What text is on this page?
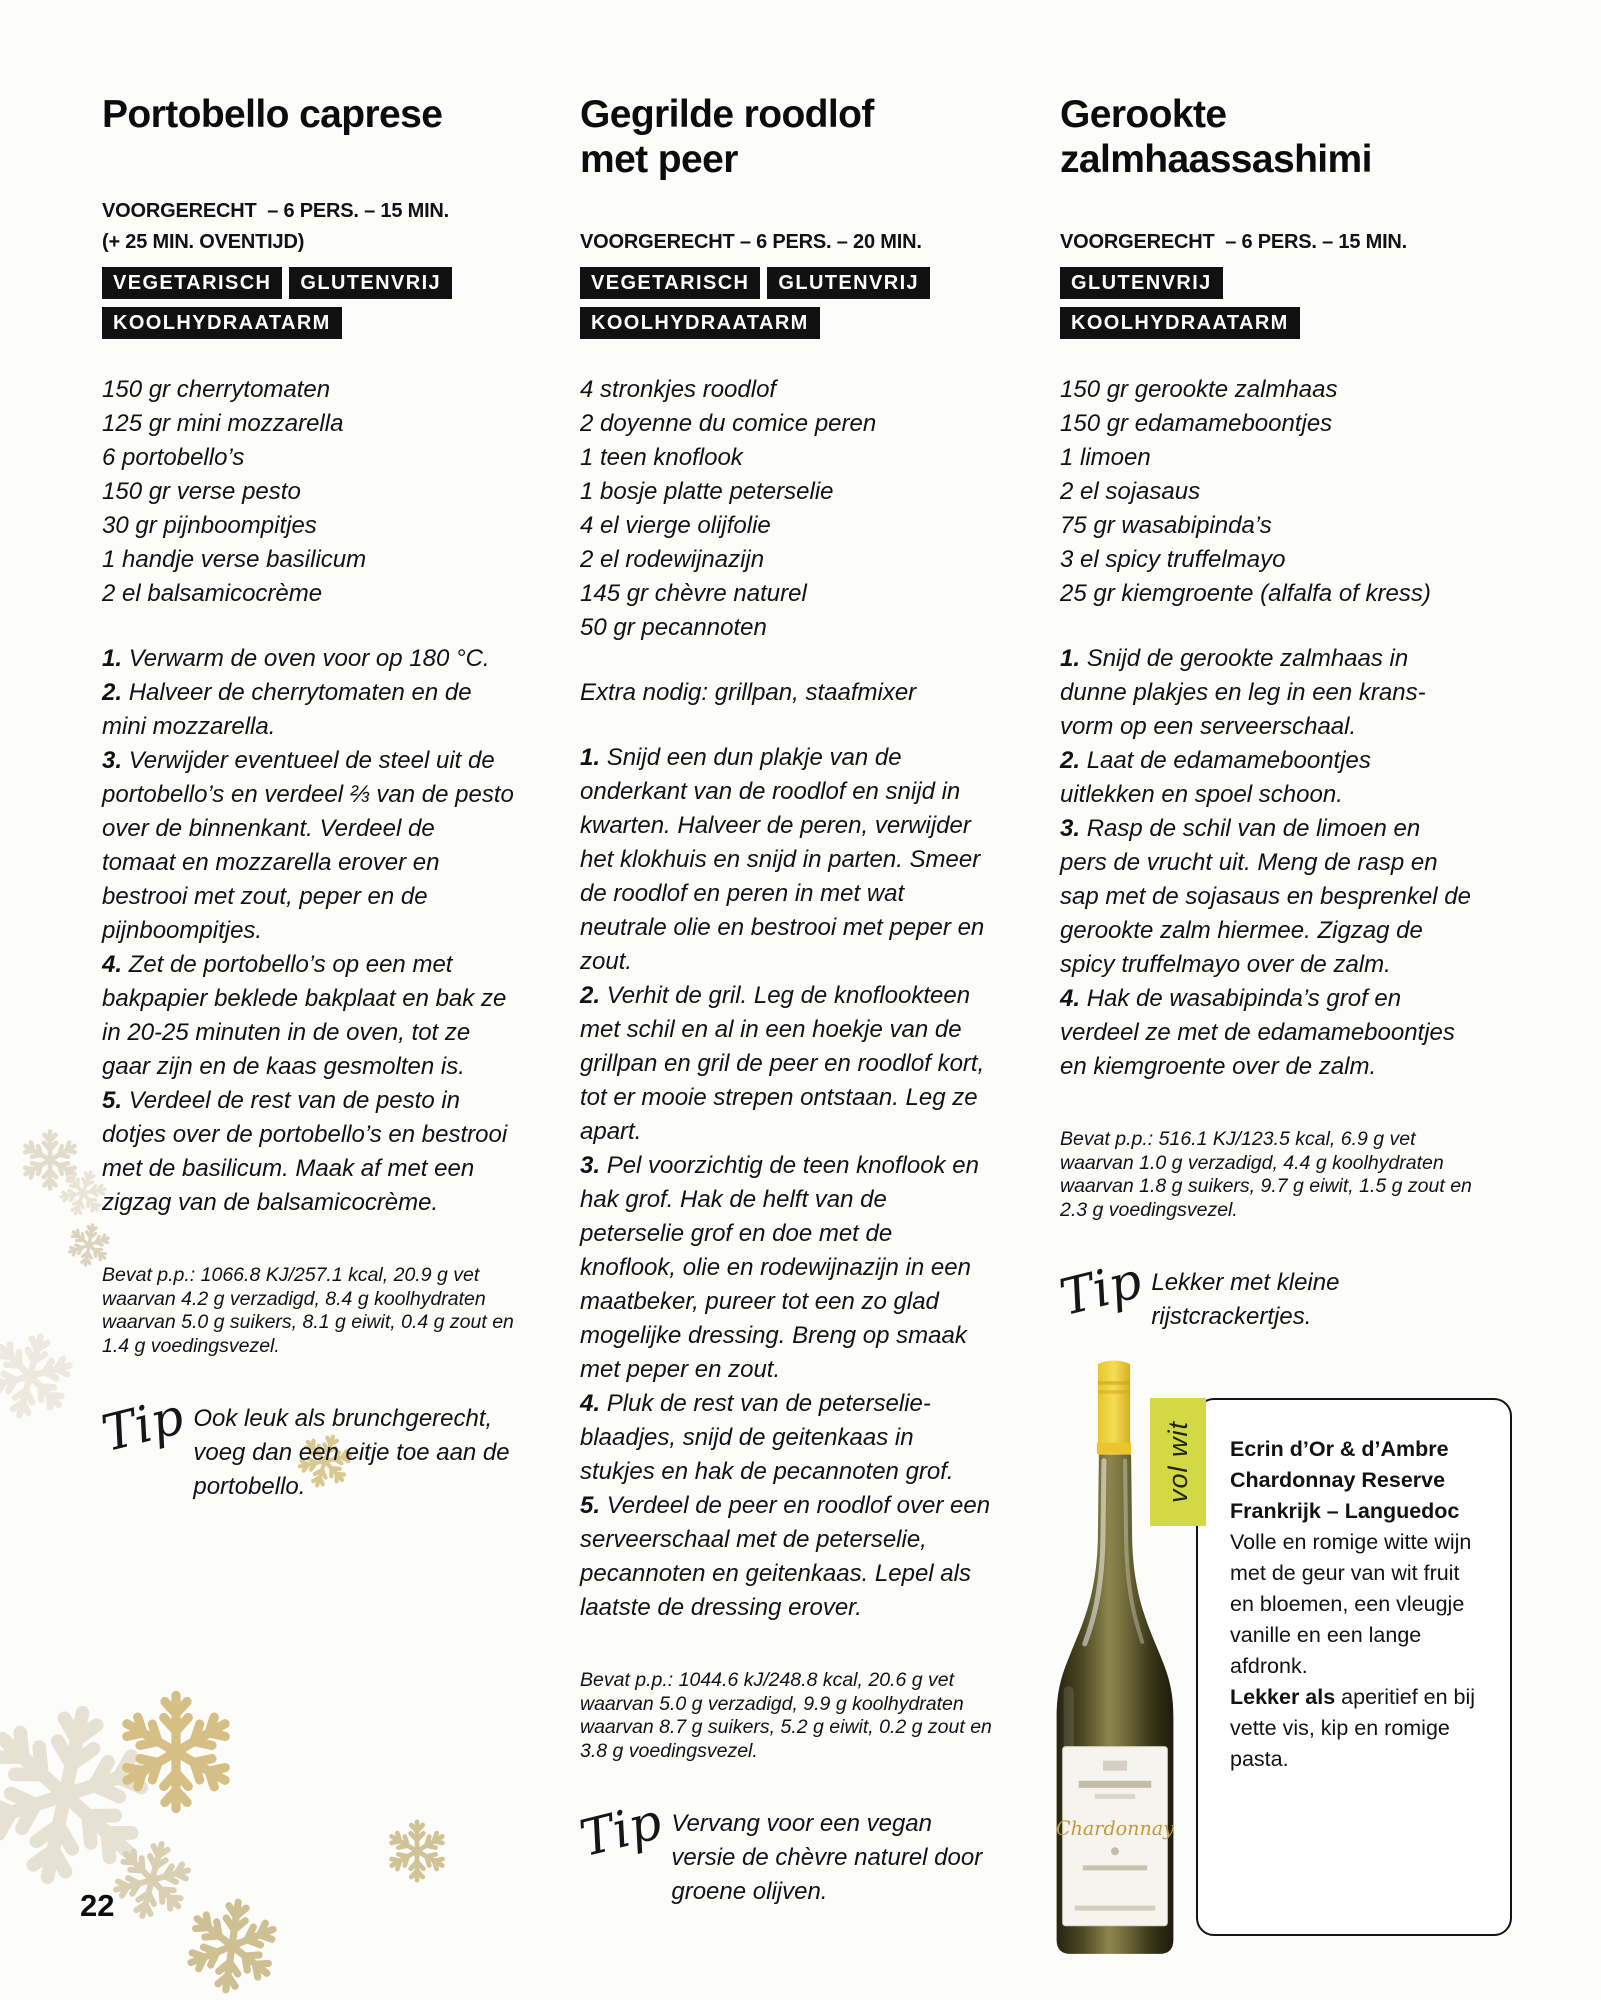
Portobello caprese

VOORGERECHT  – 6 PERS. – 15 MIN.
(+ 25 MIN. OVENTIJD)

VEGETARISCH GLUTENVRIJKOOLHYDRAATARM
150 gr cherrytomaten
125 gr mini mozzarella
6 portobello’s
150 gr verse pesto
30 gr pijnboompitjes
1 handje verse basilicum
2 el balsamicocrème

1. Verwarm de oven voor op 180 °C.

2. Halveer de cherrytomaten en de mini mozzarella.

3. Verwijder eventueel de steel uit de portobello’s en verdeel ⅔ van de pesto over de binnenkant. Verdeel de tomaat en mozzarella erover en bestrooi met zout, peper en de pijnboompitjes.

4. Zet de portobello’s op een met bakpapier beklede bakplaat en bak ze in 20-25 minuten in de oven, tot ze gaar zijn en de kaas gesmolten is.

5. Verdeel de rest van de pesto in dotjes over de portobello’s en bestrooi met de basilicum. Maak af met een zigzag van de balsamicocrème.

Bevat p.p.: 1066.8 KJ/257.1 kcal, 20.9 g vet waarvan 4.2 g verzadigd, 8.4 g koolhydraten waarvan 5.0 g suikers, 8.1 g eiwit, 0.4 g zout en 1.4 g voedingsvezel.

Tip Ook leuk als brunchgerecht, voeg dan een eitje toe aan de portobello.

Gegrilde roodlof
met peer

VOORGERECHT – 6 PERS. – 20 MIN.

VEGETARISCH GLUTENVRIJKOOLHYDRAATARM
4 stronkjes roodlof
2 doyenne du comice peren
1 teen knoflook
1 bosje platte peterselie
4 el vierge olijfolie
2 el rodewijnazijn
145 gr chèvre naturel
50 gr pecannoten

Extra nodig: grillpan, staafmixer

1. Snijd een dun plakje van de onderkant van de roodlof en snijd in kwarten. Halveer de peren, verwijder het klokhuis en snijd in parten. Smeer de roodlof en peren in met wat neutrale olie en bestrooi met peper en zout.

2. Verhit de gril. Leg de knoflookteen met schil en al in een hoekje van de grillpan en gril de peer en roodlof kort, tot er mooie strepen ontstaan. Leg ze apart.

3. Pel voorzichtig de teen knoflook en hak grof. Hak de helft van de peterselie grof en doe met de knoflook, olie en rodewijnazijn in een maatbeker, pureer tot een zo glad mogelijke dressing. Breng op smaak met peper en zout.

4. Pluk de rest van de peterselie-blaadjes, snijd de geitenkaas in stukjes en hak de pecannoten grof.

5. Verdeel de peer en roodlof over een serveerschaal met de peterselie, pecannoten en geitenkaas. Lepel als laatste de dressing erover.

Bevat p.p.: 1044.6 kJ/248.8 kcal, 20.6 g vet waarvan 5.0 g verzadigd, 9.9 g koolhydraten waarvan 8.7 g suikers, 5.2 g eiwit, 0.2 g zout en 3.8 g voedingsvezel.

Tip Vervang voor een vegan versie de chèvre naturel door groene olijven.

Gerookte
zalmhaassashimi

VOORGERECHT  – 6 PERS. – 15 MIN.

GLUTENVRIJKOOLHYDRAATARM
150 gr gerookte zalmhaas
150 gr edamameboontjes
1 limoen
2 el sojasaus
75 gr wasabipinda’s
3 el spicy truffelmayo
25 gr kiemgroente (alfalfa of kress)

1. Snijd de gerookte zalmhaas in dunne plakjes en leg in een krans-vorm op een serveerschaal.

2. Laat de edamameboontjes uitlekken en spoel schoon.

3. Rasp de schil van de limoen en pers de vrucht uit. Meng de rasp en sap met de sojasaus en besprenkel de gerookte zalm hiermee. Zigzag de spicy truffelmayo over de zalm.

4. Hak de wasabipinda’s grof en verdeel ze met de edamameboontjes en kiemgroente over de zalm.

Bevat p.p.: 516.1 KJ/123.5 kcal, 6.9 g vet waarvan 1.0 g verzadigd, 4.4 g koolhydraten waarvan 1.8 g suikers, 9.7 g eiwit, 1.5 g zout en 2.3 g voedingsvezel.

Tip Lekker met kleine rijstcrackertjes.

Ecrin d’Or & d’Ambre
Chardonnay Reserve
Frankrijk – Languedoc

Volle en romige witte wijn met de geur van wit fruit en bloemen, een vleugje vanille en een lange afdronk.

Lekker als aperitief en bij vette vis, kip en romige pasta.

vol wit
Chardonnay
22
